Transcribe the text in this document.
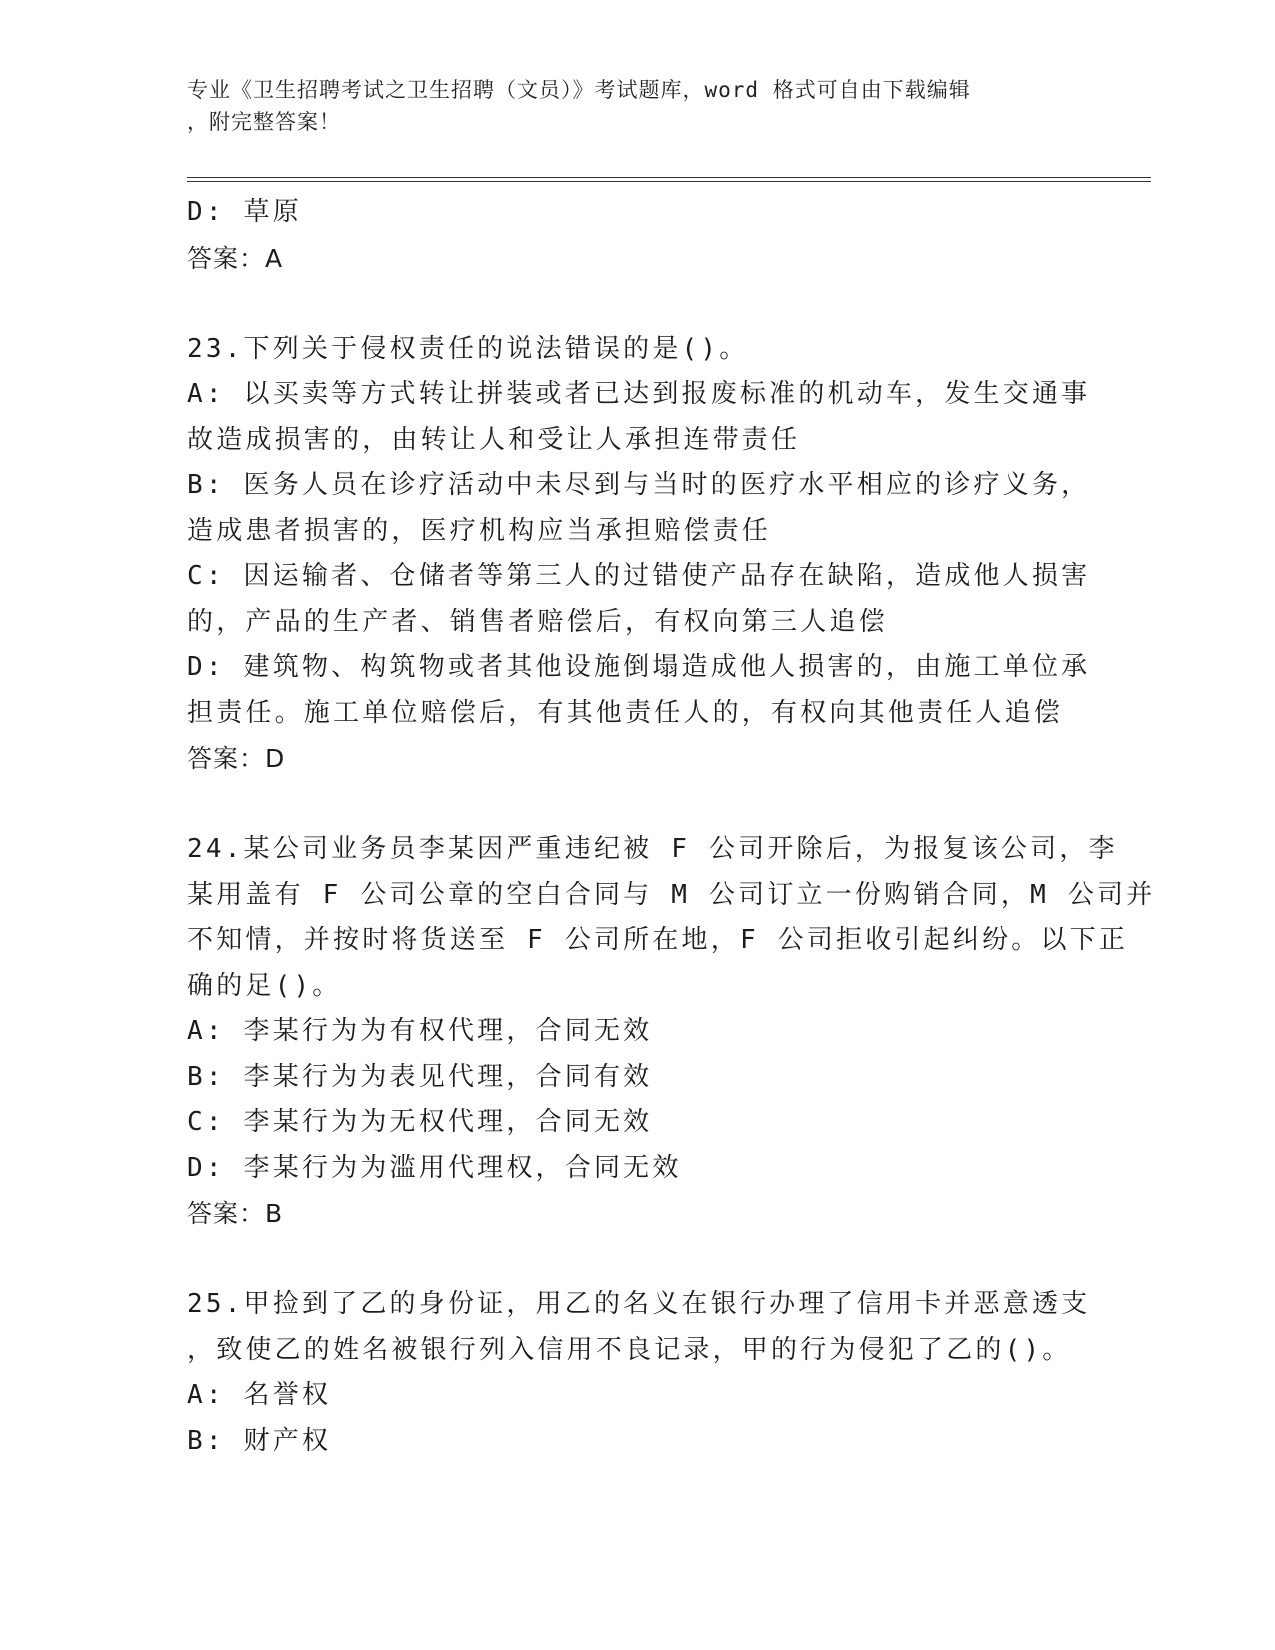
专业《卫生招聘考试之卫生招聘（文员）》考试题库，word 格式可自由下载编辑
，附完整答案！
D: 草原
答案：A
23.下列关于侵权责任的说法错误的是()。
A: 以买卖等方式转让拼装或者已达到报废标准的机动车，发生交通事
故造成损害的，由转让人和受让人承担连带责任
B: 医务人员在诊疗活动中未尽到与当时的医疗水平相应的诊疗义务，
造成患者损害的，医疗机构应当承担赔偿责任
C: 因运输者、仓储者等第三人的过错使产品存在缺陷，造成他人损害
的，产品的生产者、销售者赔偿后，有权向第三人追偿
D: 建筑物、构筑物或者其他设施倒塌造成他人损害的，由施工单位承
担责任。施工单位赔偿后，有其他责任人的，有权向其他责任人追偿
答案：D
24.某公司业务员李某因严重违纪被 F 公司开除后，为报复该公司，李
某用盖有 F 公司公章的空白合同与 M 公司订立一份购销合同，M 公司并
不知情，并按时将货送至 F 公司所在地，F 公司拒收引起纠纷。以下正
确的足()。
A: 李某行为为有权代理，合同无效
B: 李某行为为表见代理，合同有效
C: 李某行为为无权代理，合同无效
D: 李某行为为滥用代理权，合同无效
答案：B
25.甲捡到了乙的身份证，用乙的名义在银行办理了信用卡并恶意透支
，致使乙的姓名被银行列入信用不良记录，甲的行为侵犯了乙的()。
A: 名誉权
B: 财产权
